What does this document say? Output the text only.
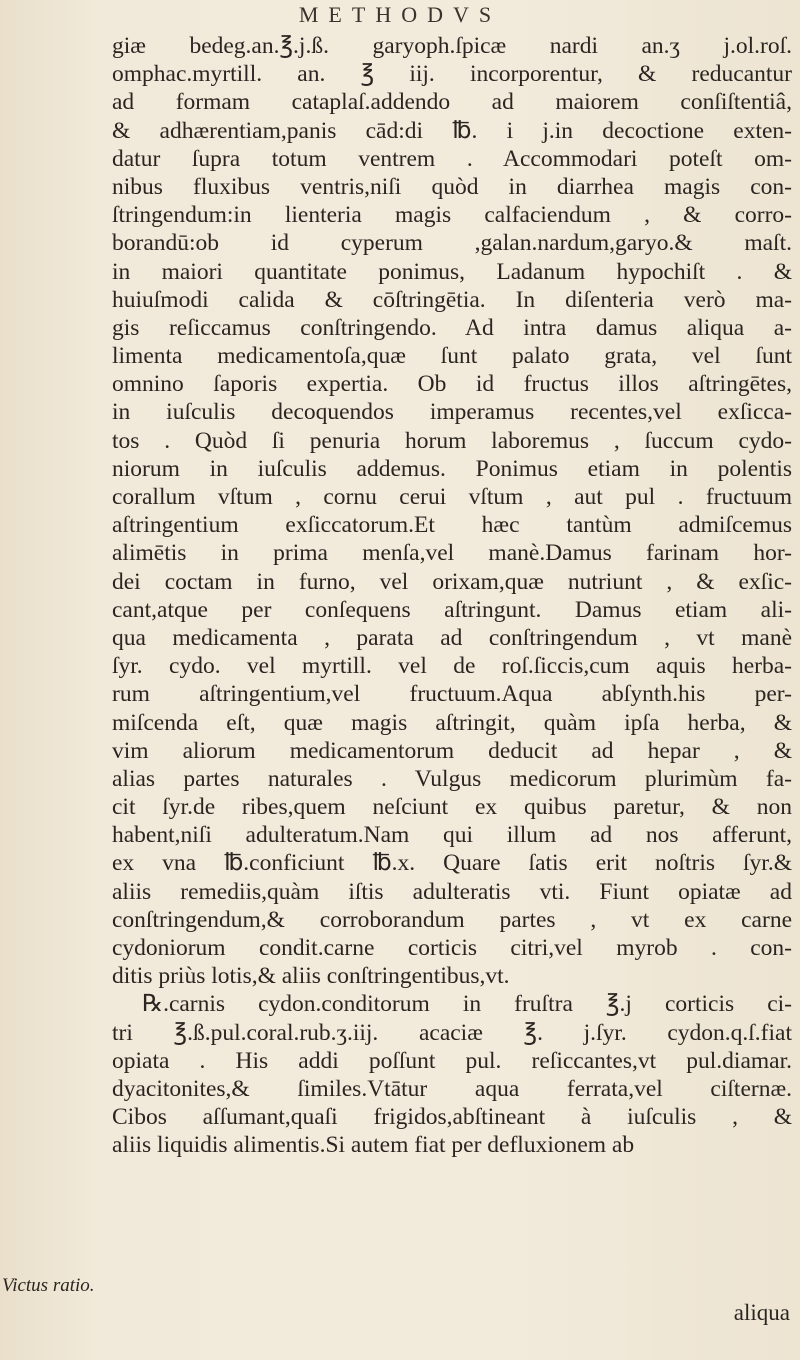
METHODVS
giæ bedeg.an.℥.j.ß. garyoph.ſpicæ nardi an.ʒ j.ol.roſ.
omphac.myrtill. an. ℥ iij. incorporentur, & reducantur
ad formam cataplaſ.addendo ad maiorem conſiſtentiâ,
& adhærentiam,panis cād:di ℔. i j.in decoctione exten-
datur ſupra totum ventrem . Accommodari poteſt om-
nibus fluxibus ventris,niſi quòd in diarrhea magis con-
ſtringendum:in lienteria magis calfaciendum , & corro-
borandū:ob id cyperum ,galan.nardum,garyo.& maſt.
in maiori quantitate ponimus, Ladanum hypochiſt . &
huiuſmodi calida & cōſtringētia. In diſenteria verò ma-
gis reſiccamus conſtringendo. Ad intra damus aliqua a-
limenta medicamentoſa,quæ ſunt palato grata, vel ſunt
omnino ſaporis expertia. Ob id fructus illos aſtringētes,
in iuſculis decoquendos imperamus recentes,vel exſicca-
tos . Quòd ſi penuria horum laboremus , ſuccum cydo-
niorum in iuſculis addemus. Ponimus etiam in polentis
corallum vſtum , cornu cerui vſtum , aut pul . fructuum
aſtringentium exſiccatorum.Et hæc tantùm admiſcemus
alimētis in prima menſa,vel manè.Damus farinam hor-
dei coctam in furno, vel orixam,quæ nutriunt , & exſic-
cant,atque per conſequens aſtringunt. Damus etiam ali-
qua medicamenta , parata ad conſtringendum , vt manè
ſyr. cydo. vel myrtill. vel de roſ.ſiccis,cum aquis herba-
rum aſtringentium,vel fructuum.Aqua abſynth.his per-
miſcenda eſt, quæ magis aſtringit, quàm ipſa herba, &
vim aliorum medicamentorum deducit ad hepar , &
alias partes naturales . Vulgus medicorum plurimùm fa-
cit ſyr.de ribes,quem neſciunt ex quibus paretur, & non
habent,niſi adulteratum.Nam qui illum ad nos afferunt,
ex vna ℔.conficiunt ℔.x. Quare ſatis erit noſtris ſyr.&
aliis remediis,quàm iſtis adulteratis vti. Fiunt opiatæ ad
conſtringendum,& corroborandum partes , vt ex carne
cydoniorum condit.carne corticis citri,vel myrob . con-
ditis priùs lotis,& aliis conſtringentibus,vt.
℞.carnis cydon.conditorum in fruſtra ℥.j corticis ci-
tri ℥.ß.pul.coral.rub.ʒ.iij. acaciæ ℥. j.ſyr. cydon.q.ſ.fiat
opiata . His addi poſſunt pul. reſiccantes,vt pul.diamar.
dyacitonites,& ſimiles.Vtātur aqua ferrata,vel ciſternæ.
Cibos aſſumant,quaſi frigidos,abſtineant à iuſculis , &
aliis liquidis alimentis.Si autem fiat per defluxionem ab
Victus ratio.
aliqua
